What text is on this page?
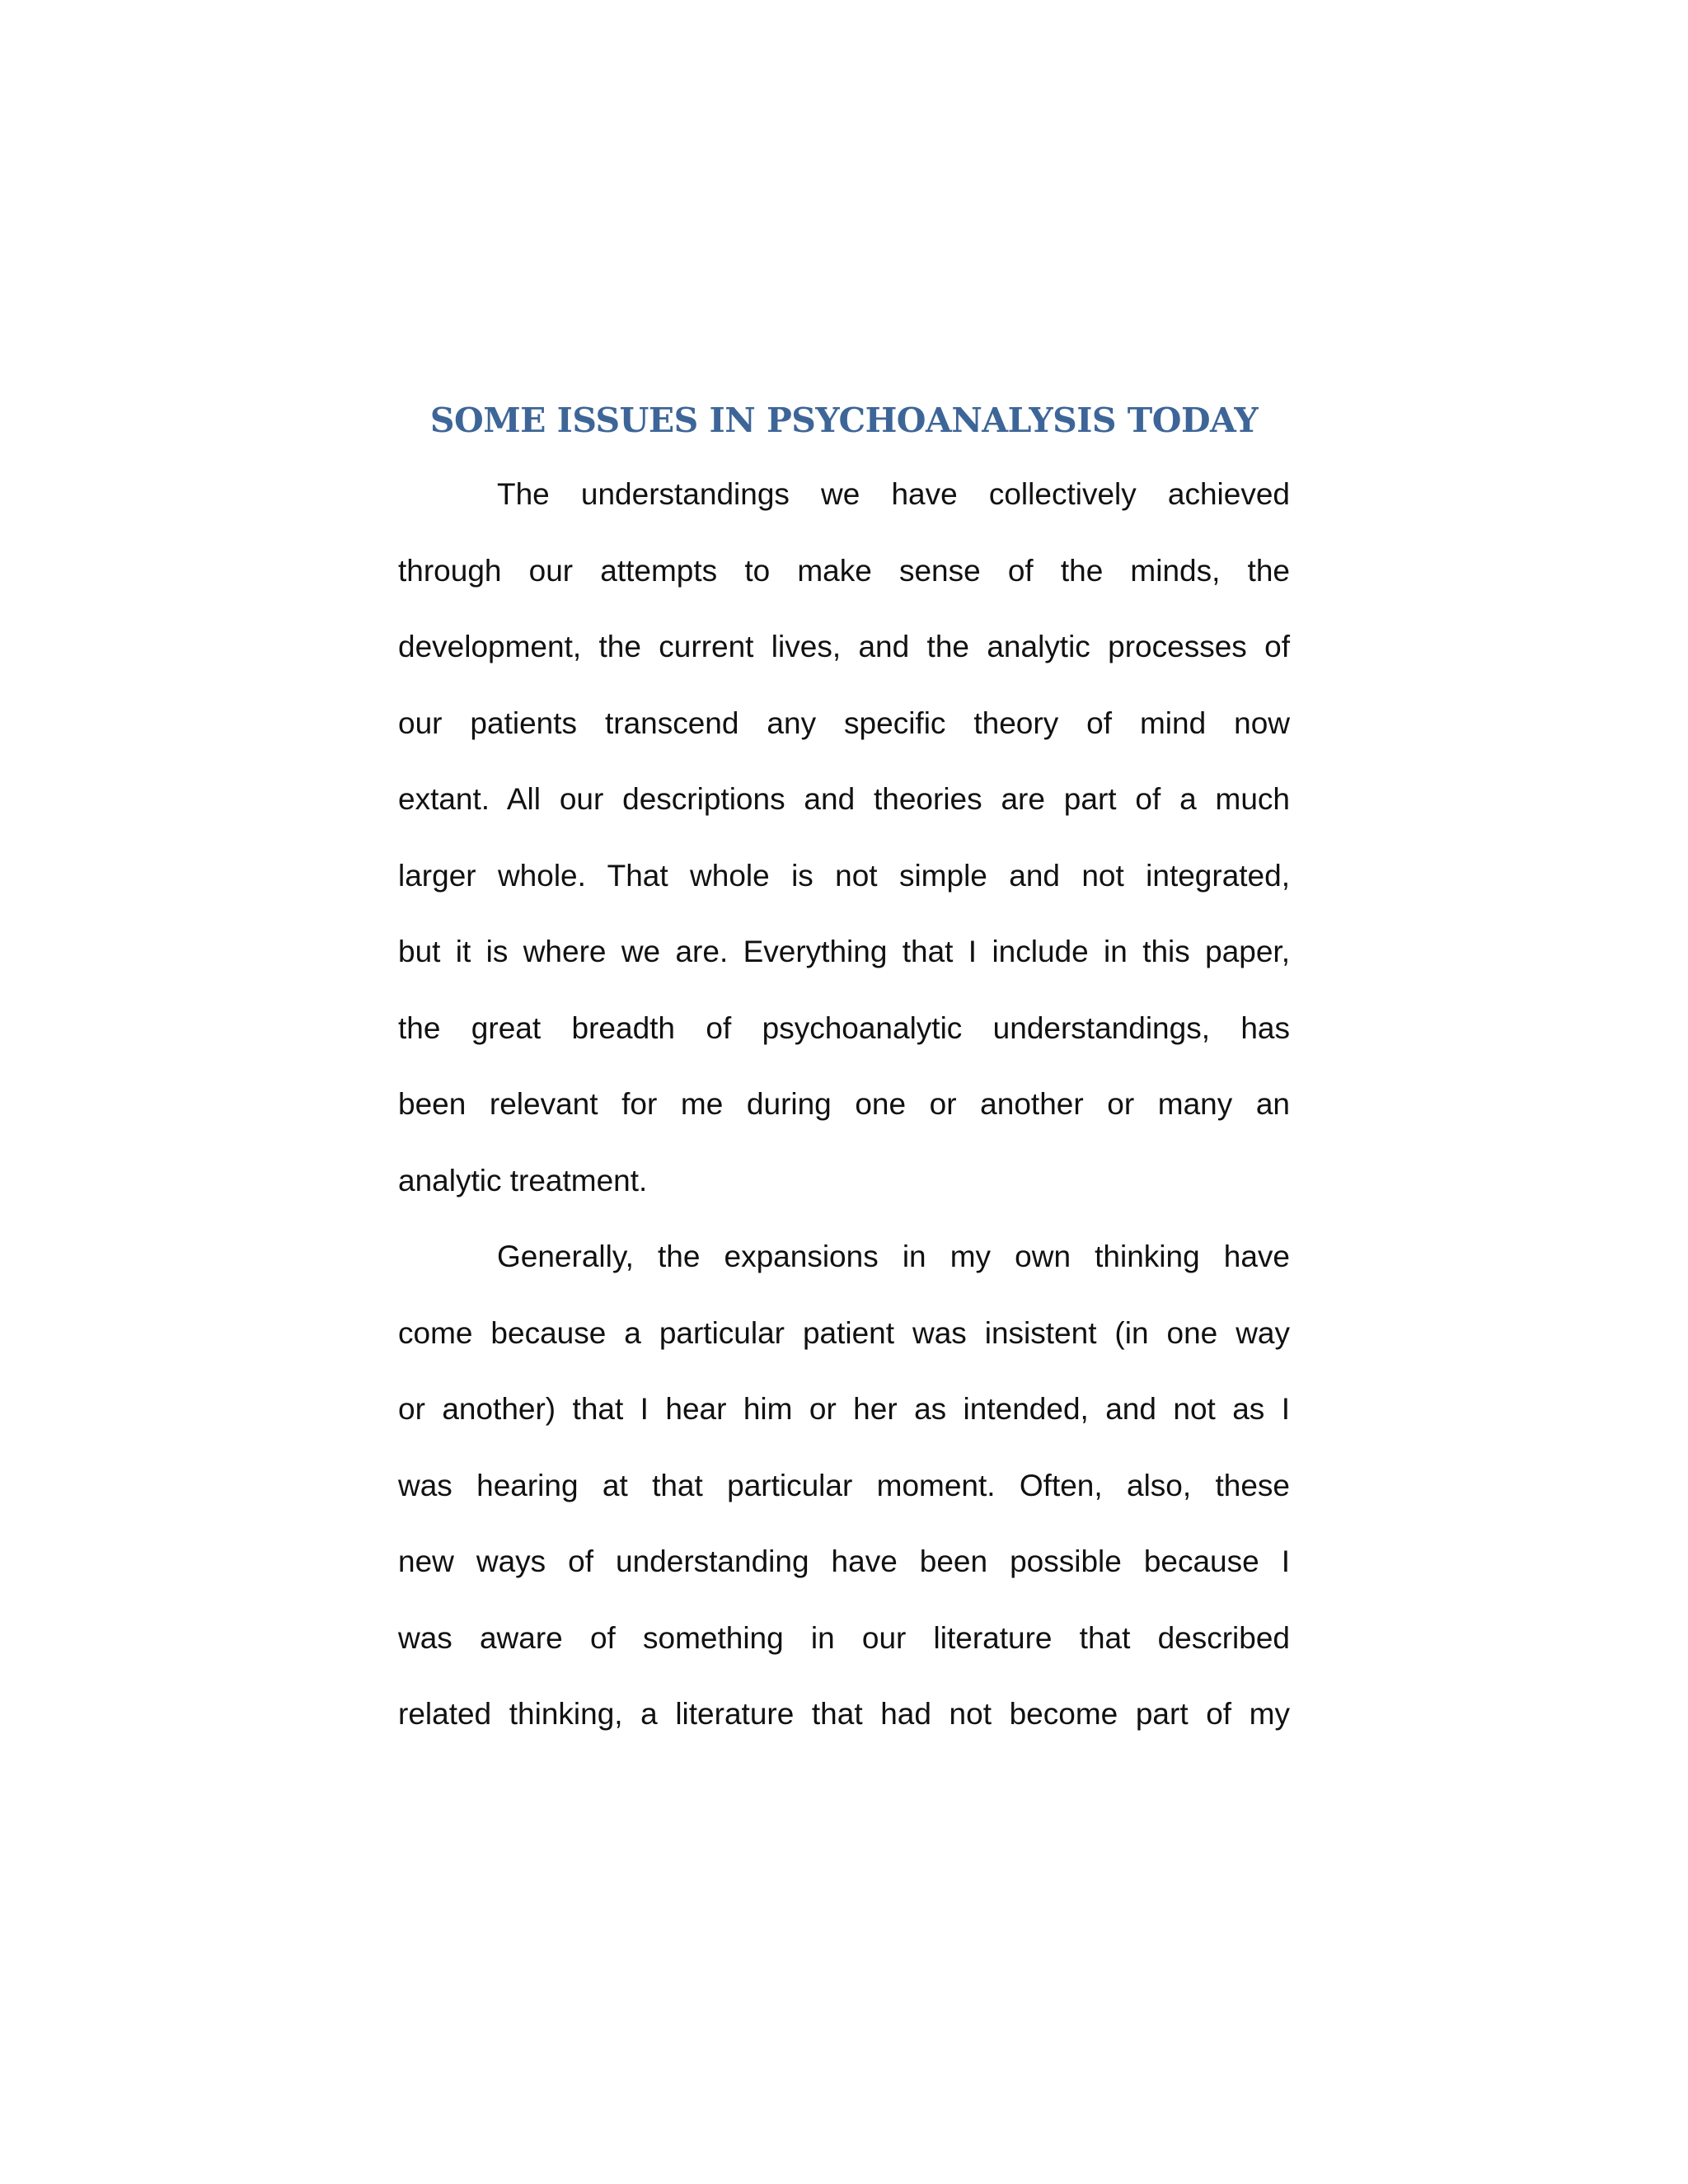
SOME ISSUES IN PSYCHOANALYSIS TODAY

The understandings we have collectively achieved
through our attempts to make sense of the minds, the
development, the current lives, and the analytic processes of
our patients transcend any specific theory of mind now
extant. All our descriptions and theories are part of a much
larger whole. That whole is not simple and not integrated,
but it is where we are. Everything that I include in this paper,
the great breadth of psychoanalytic understandings, has
been relevant for me during one or another or many an
analytic treatment.

Generally, the expansions in my own thinking have
come because a particular patient was insistent (in one way
or another) that I hear him or her as intended, and not as I
was hearing at that particular moment. Often, also, these
new ways of understanding have been possible because I
was aware of something in our literature that described
related thinking, a literature that had not become part of my
